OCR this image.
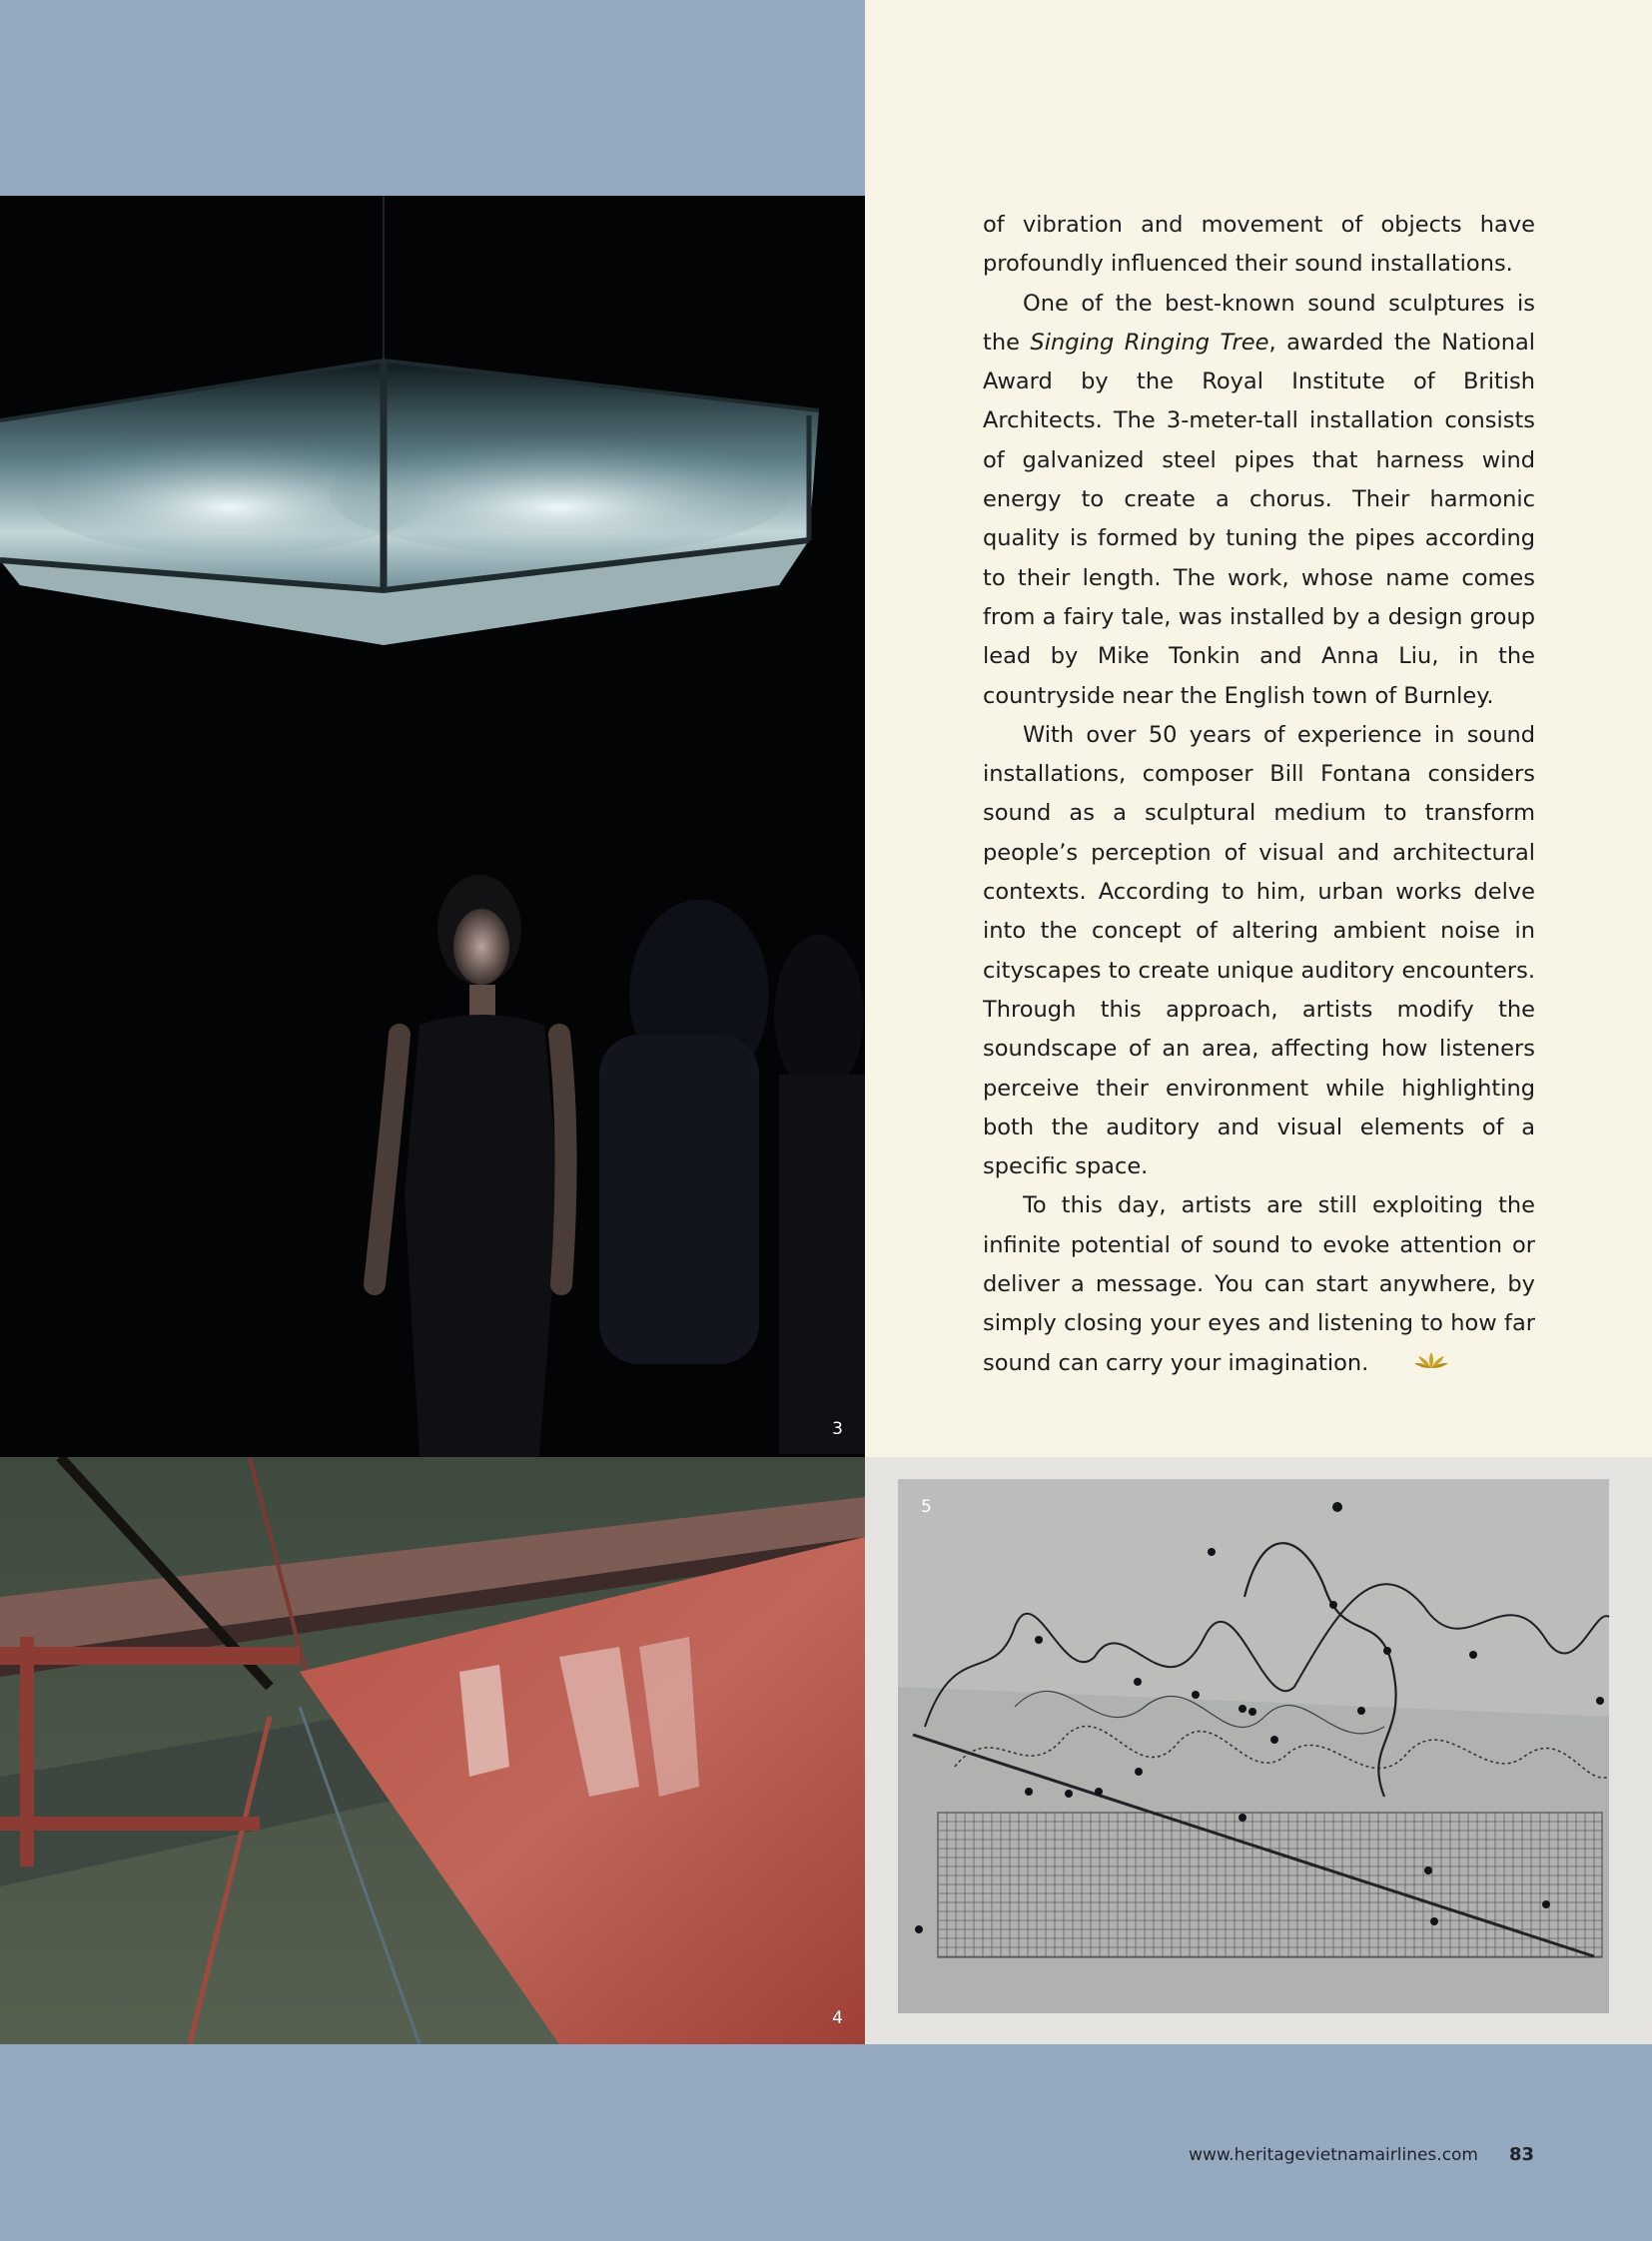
3

of vibration and movement of objects have profoundly influenced their sound installations.

One of the best-known sound sculptures is the Singing Ringing Tree, awarded the National Award by the Royal Institute of British Architects. The 3-meter-tall installation consists of galvanized steel pipes that harness wind energy to create a chorus. Their harmonic quality is formed by tuning the pipes according to their length. The work, whose name comes from a fairy tale, was installed by a design group lead by Mike Tonkin and Anna Liu, in the countryside near the English town of Burnley.

With over 50 years of experience in sound installations, composer Bill Fontana considers sound as a sculptural medium to transform people’s perception of visual and architectural contexts. According to him, urban works delve into the concept of altering ambient noise in cityscapes to create unique auditory encounters. Through this approach, artists modify the soundscape of an area, affecting how listeners perceive their environment while highlighting both the auditory and visual elements of a specific space.

To this day, artists are still exploiting the infinite potential of sound to evoke attention or deliver a message. You can start anywhere, by simply closing your eyes and listening to how far sound can carry your imagination.

4
5
www.heritagevietnamairlines.com 83
